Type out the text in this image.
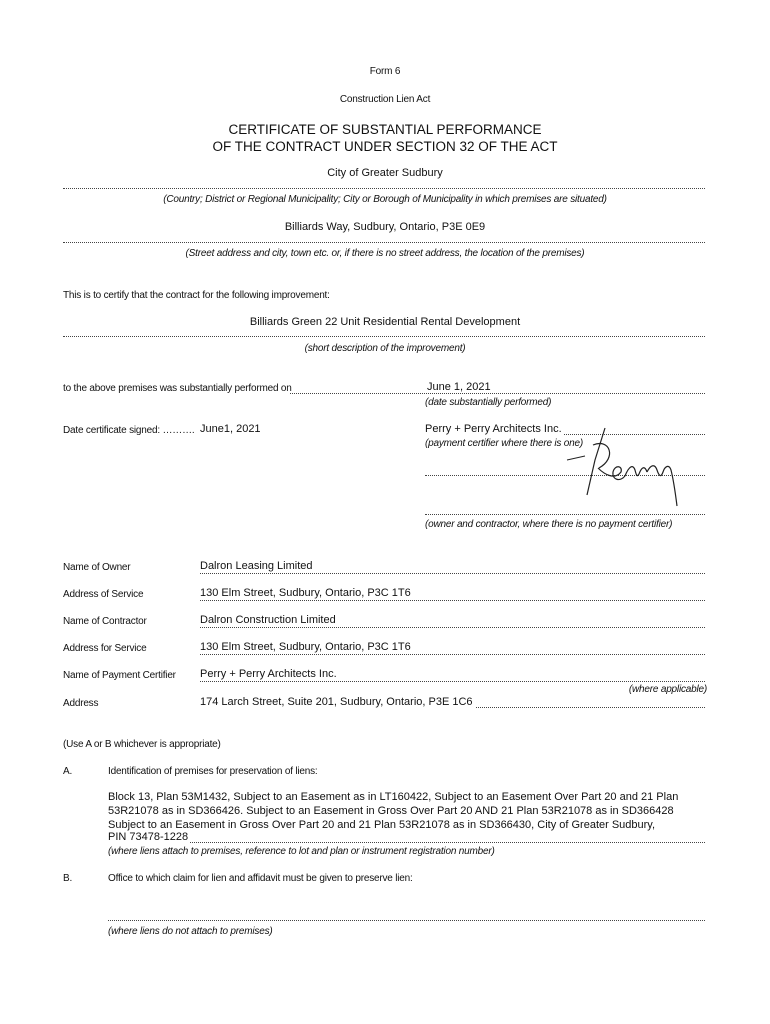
Form 6
Construction Lien Act
CERTIFICATE OF SUBSTANTIAL PERFORMANCE
OF THE CONTRACT UNDER SECTION 32 OF THE ACT
City of Greater Sudbury
(Country; District or Regional Municipality; City or Borough of Municipality in which premises are situated)
Billiards Way, Sudbury, Ontario, P3E 0E9
(Street address and city, town etc. or, if there is no street address, the location of the premises)
This is to certify that the contract for the following improvement:
Billiards Green 22 Unit Residential Rental Development
(short description of the improvement)
to the above premises was substantially performed on	June 1, 2021
(date substantially performed)
Date certificate signed: ………. June1, 2021	Perry + Perry Architects Inc.
(payment certifier where there is one)
(owner and contractor, where there is no payment certifier)
Name of Owner	Dalron Leasing Limited
Address of Service	130 Elm Street, Sudbury, Ontario, P3C 1T6
Name of Contractor	Dalron Construction Limited
Address for Service	130 Elm Street, Sudbury, Ontario, P3C 1T6
Name of Payment Certifier Perry + Perry Architects Inc.
(where applicable)
Address	174 Larch Street, Suite 201, Sudbury, Ontario, P3E 1C6
(Use A or B whichever is appropriate)
A.	Identification of premises for preservation of liens:
Block 13, Plan 53M1432, Subject to an Easement as in LT160422, Subject to an Easement Over Part 20 and 21 Plan
53R21078 as in SD366426. Subject to an Easement in Gross Over Part 20 AND 21 Plan 53R21078 as in SD366428
Subject to an Easement in Gross Over Part 20 and 21 Plan 53R21078 as in SD366430, City of Greater Sudbury,
PIN 73478-1228
(where liens attach to premises, reference to lot and plan or instrument registration number)
B.	Office to which claim for lien and affidavit must be given to preserve lien:
(where liens do not attach to premises)
